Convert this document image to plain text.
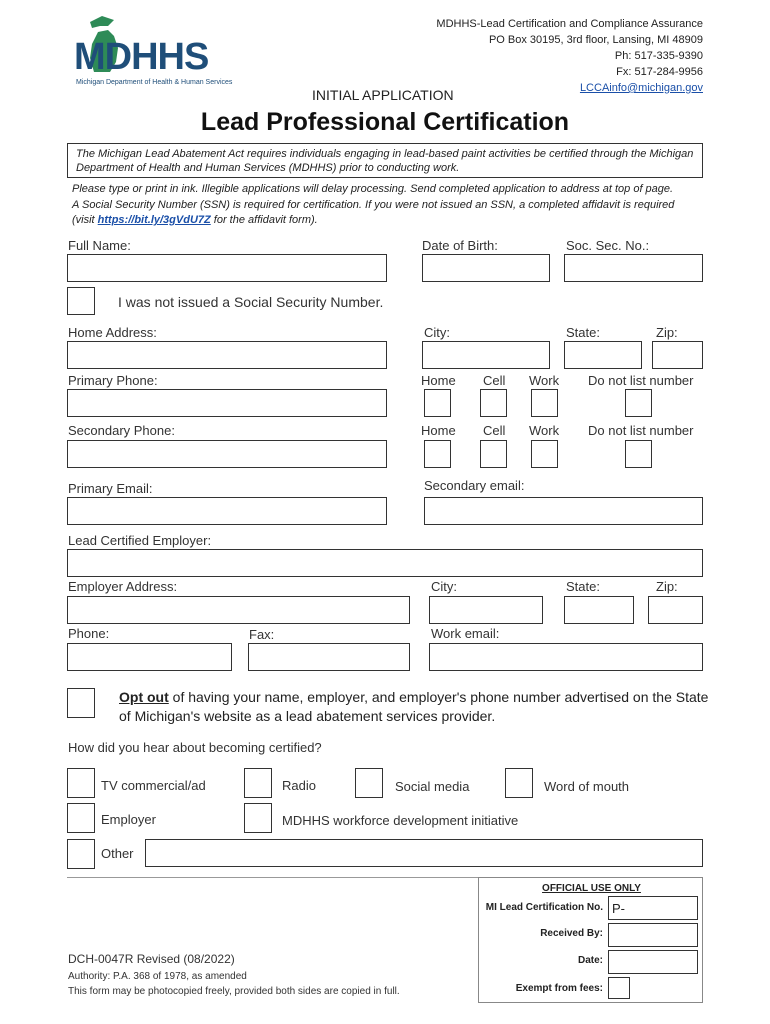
MDHHS
Michigan Department of Health & Human Services
MDHHS-Lead Certification and Compliance Assurance
PO Box 30195, 3rd floor, Lansing, MI 48909
Ph: 517-335-9390
Fx: 517-284-9956
LCCAinfo@michigan.gov
INITIAL APPLICATION
Lead Professional Certification
The Michigan Lead Abatement Act requires individuals engaging in lead-based paint activities be certified through the Michigan Department of Health and Human Services (MDHHS) prior to conducting work.
Please type or print in ink. Illegible applications will delay processing. Send completed application to address at top of page.
A Social Security Number (SSN) is required for certification. If you were not issued an SSN, a completed affidavit is required
(visit https://bit.ly/3gVdU7Z for the affidavit form).
Full Name:	Date of Birth:	Soc. Sec. No.:
I was not issued a Social Security Number.
Home Address:	City:	State:	Zip:
Primary Phone:	Home Cell Work Do not list number
Secondary Phone:	Home Cell Work Do not list number
Primary Email:	Secondary email:
Lead Certified Employer:
Employer Address:	City:	State:	Zip:
Phone:	Fax:	Work email:
Opt out of having your name, employer, and employer's phone number advertised on the State
of Michigan's website as a lead abatement services provider.
How did you hear about becoming certified?
TV commercial/ad	Radio	Social media	Word of mouth
Employer	MDHHS workforce development initiative
Other
DCH-0047R Revised (08/2022)
Authority: P.A. 368 of 1978, as amended
This form may be photocopied freely, provided both sides are copied in full.
OFFICIAL USE ONLY
MI Lead Certification No. P-
Received By:
Date:
Exempt from fees:
